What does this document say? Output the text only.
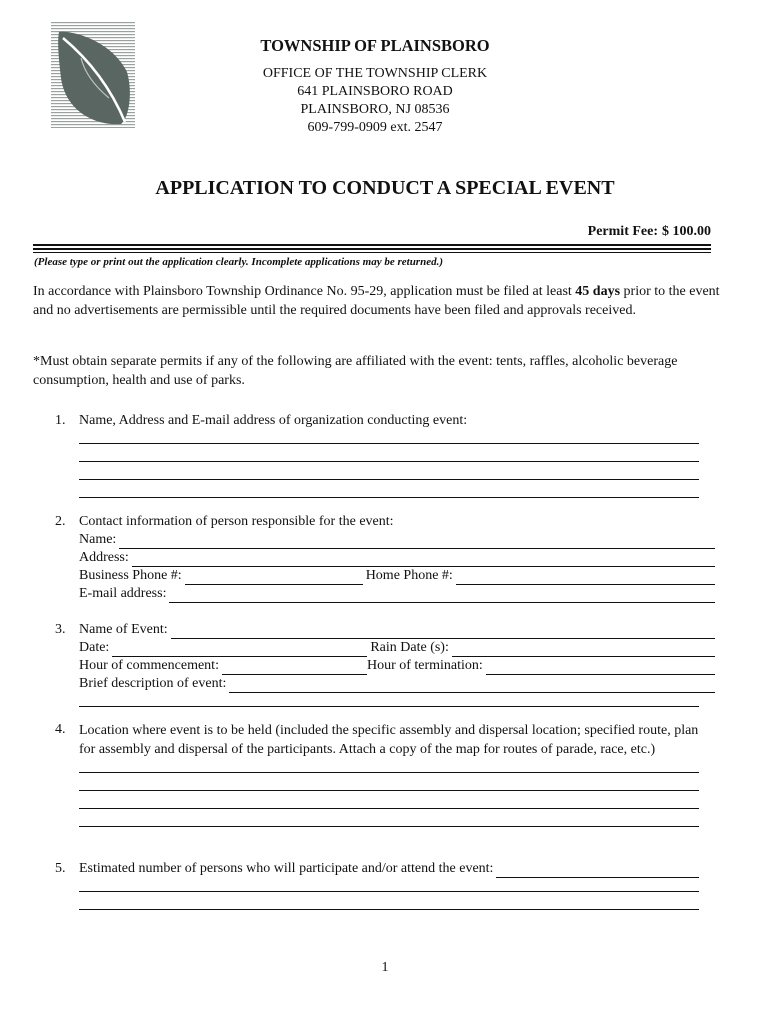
TOWNSHIP OF PLAINSBORO
OFFICE OF THE TOWNSHIP CLERK
641 PLAINSBORO ROAD
PLAINSBORO, NJ 08536
609-799-0909 ext. 2547
APPLICATION TO CONDUCT A SPECIAL EVENT
Permit Fee: $ 100.00
(Please type or print out the application clearly. Incomplete applications may be returned.)
In accordance with Plainsboro Township Ordinance No. 95-29, application must be filed at least 45 days prior to the event and no advertisements are permissible until the required documents have been filed and approvals received.
*Must obtain separate permits if any of the following are affiliated with the event: tents, raffles, alcoholic beverage consumption, health and use of parks.
1. Name, Address and E-mail address of organization conducting event:
2. Contact information of person responsible for the event:
Name:
Address:
Business Phone #:	Home Phone #:
E-mail address:
3. Name of Event:
Date:	Rain Date (s):
Hour of commencement:	Hour of termination:
Brief description of event:
4. Location where event is to be held (included the specific assembly and dispersal location; specified route, plan for assembly and dispersal of the participants. Attach a copy of the map for routes of parade, race, etc.)
5. Estimated number of persons who will participate and/or attend the event:
1
